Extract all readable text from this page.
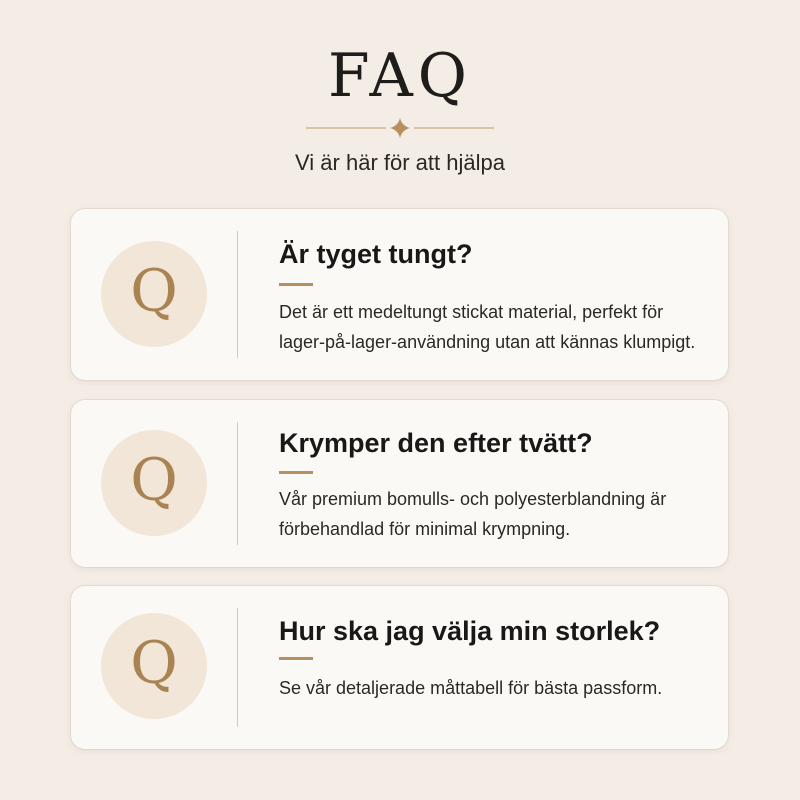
FAQ

Vi är här för att hjälpa

Q
Är tyget tungt?

Det är ett medeltungt stickat material, perfekt för
lager-på-lager-användning utan att kännas klumpigt.

Q
Krymper den efter tvätt?

Vår premium bomulls- och polyesterblandning är
förbehandlad för minimal krympning.

Q	Hur ska jag välja min storlek?

Se vår detaljerade måttabell för bästa passform.
